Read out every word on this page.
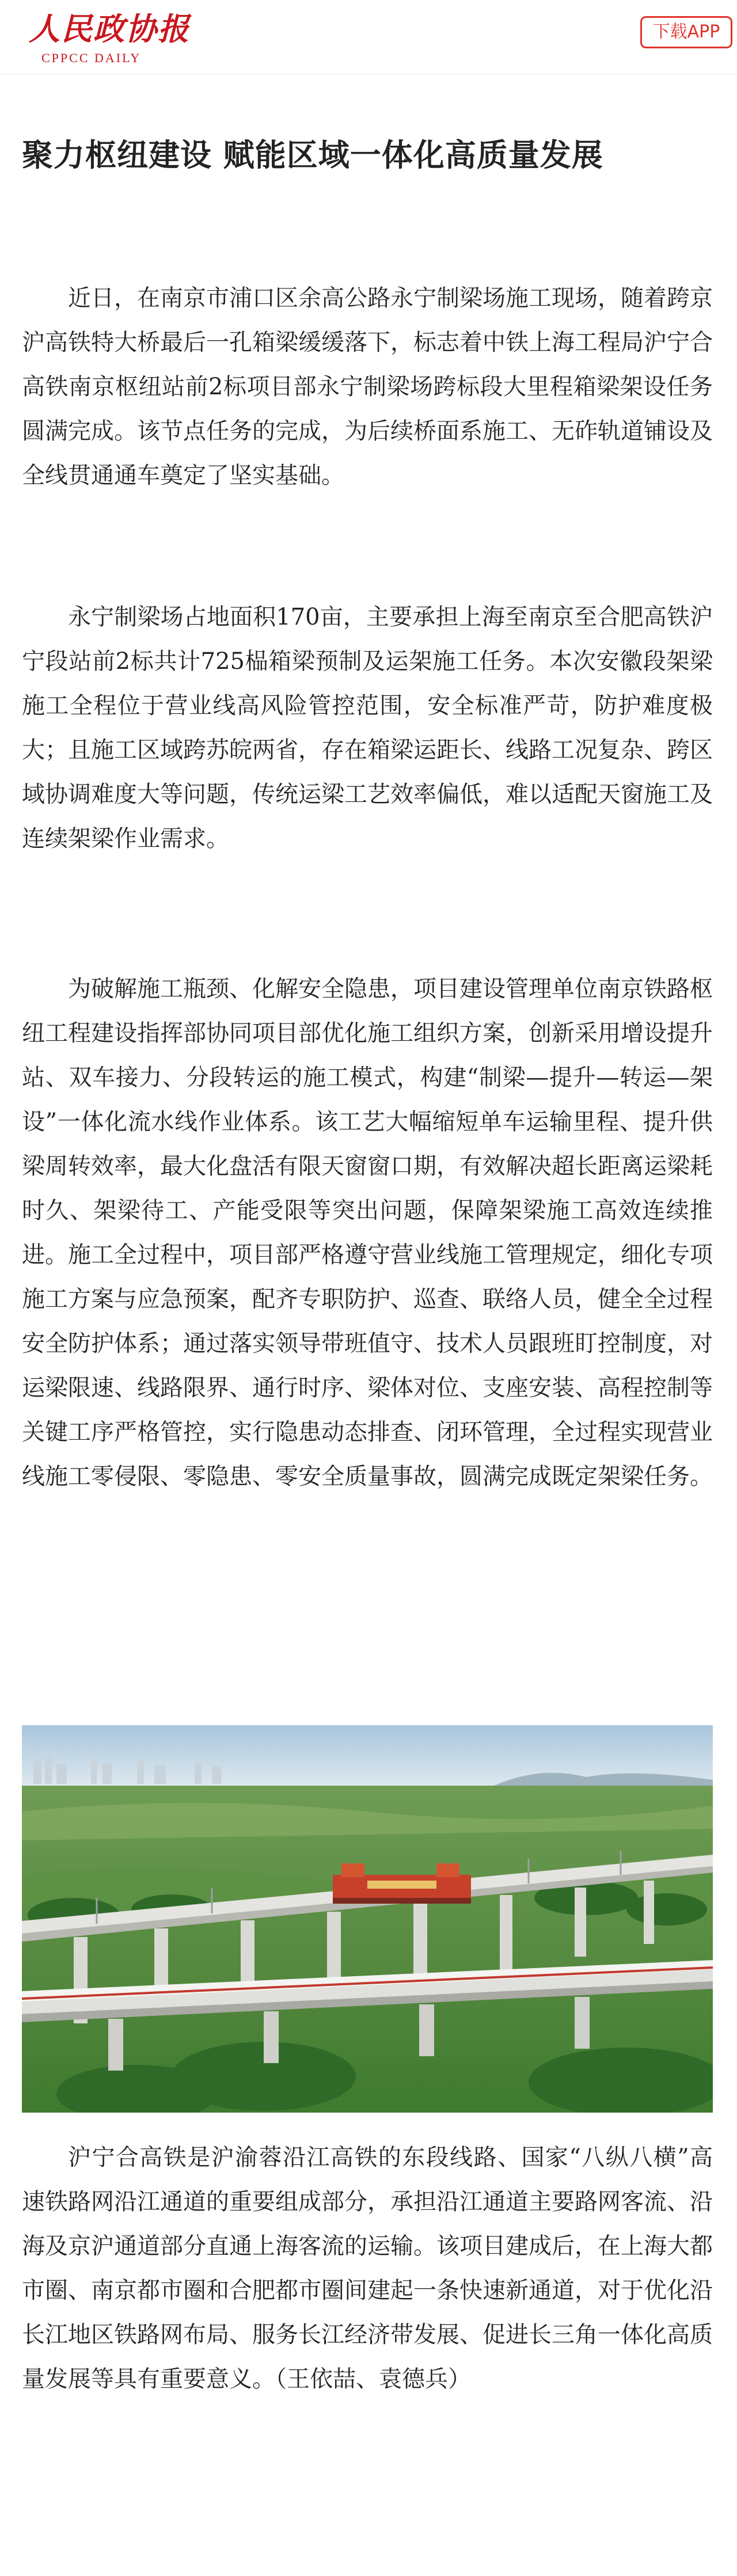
人民政协报
CPPCC DAILY
下载APP
聚力枢纽建设 赋能区域一体化高质量发展

近日，在南京市浦口区余高公路永宁制梁场施工现场，随着跨京沪高铁特大桥最后一孔箱梁缓缓落下，标志着中铁上海工程局沪宁合高铁南京枢纽站前2标项目部永宁制梁场跨标段大里程箱梁架设任务圆满完成。该节点任务的完成，为后续桥面系施工、无砟轨道铺设及全线贯通通车奠定了坚实基础。

永宁制梁场占地面积170亩，主要承担上海至南京至合肥高铁沪宁段站前2标共计725榀箱梁预制及运架施工任务。本次安徽段架梁施工全程位于营业线高风险管控范围，安全标准严苛，防护难度极大；且施工区域跨苏皖两省，存在箱梁运距长、线路工况复杂、跨区域协调难度大等问题，传统运梁工艺效率偏低，难以适配天窗施工及连续架梁作业需求。

为破解施工瓶颈、化解安全隐患，项目建设管理单位南京铁路枢纽工程建设指挥部协同项目部优化施工组织方案，创新采用增设提升站、双车接力、分段转运的施工模式，构建“制梁—提升—转运—架设”一体化流水线作业体系。该工艺大幅缩短单车运输里程、提升供梁周转效率，最大化盘活有限天窗窗口期，有效解决超长距离运梁耗时久、架梁待工、产能受限等突出问题，保障架梁施工高效连续推进。施工全过程中，项目部严格遵守营业线施工管理规定，细化专项施工方案与应急预案，配齐专职防护、巡查、联络人员，健全全过程安全防护体系；通过落实领导带班值守、技术人员跟班盯控制度，对运梁限速、线路限界、通行时序、梁体对位、支座安装、高程控制等关键工序严格管控，实行隐患动态排查、闭环管理，全过程实现营业线施工零侵限、零隐患、零安全质量事故，圆满完成既定架梁任务。

沪宁合高铁是沪渝蓉沿江高铁的东段线路、国家“八纵八横”高速铁路网沿江通道的重要组成部分，承担沿江通道主要路网客流、沿海及京沪通道部分直通上海客流的运输。该项目建成后，在上海大都市圈、南京都市圈和合肥都市圈间建起一条快速新通道，对于优化沿长江地区铁路网布局、服务长江经济带发展、促进长三角一体化高质量发展等具有重要意义。（王依喆、袁德兵）
